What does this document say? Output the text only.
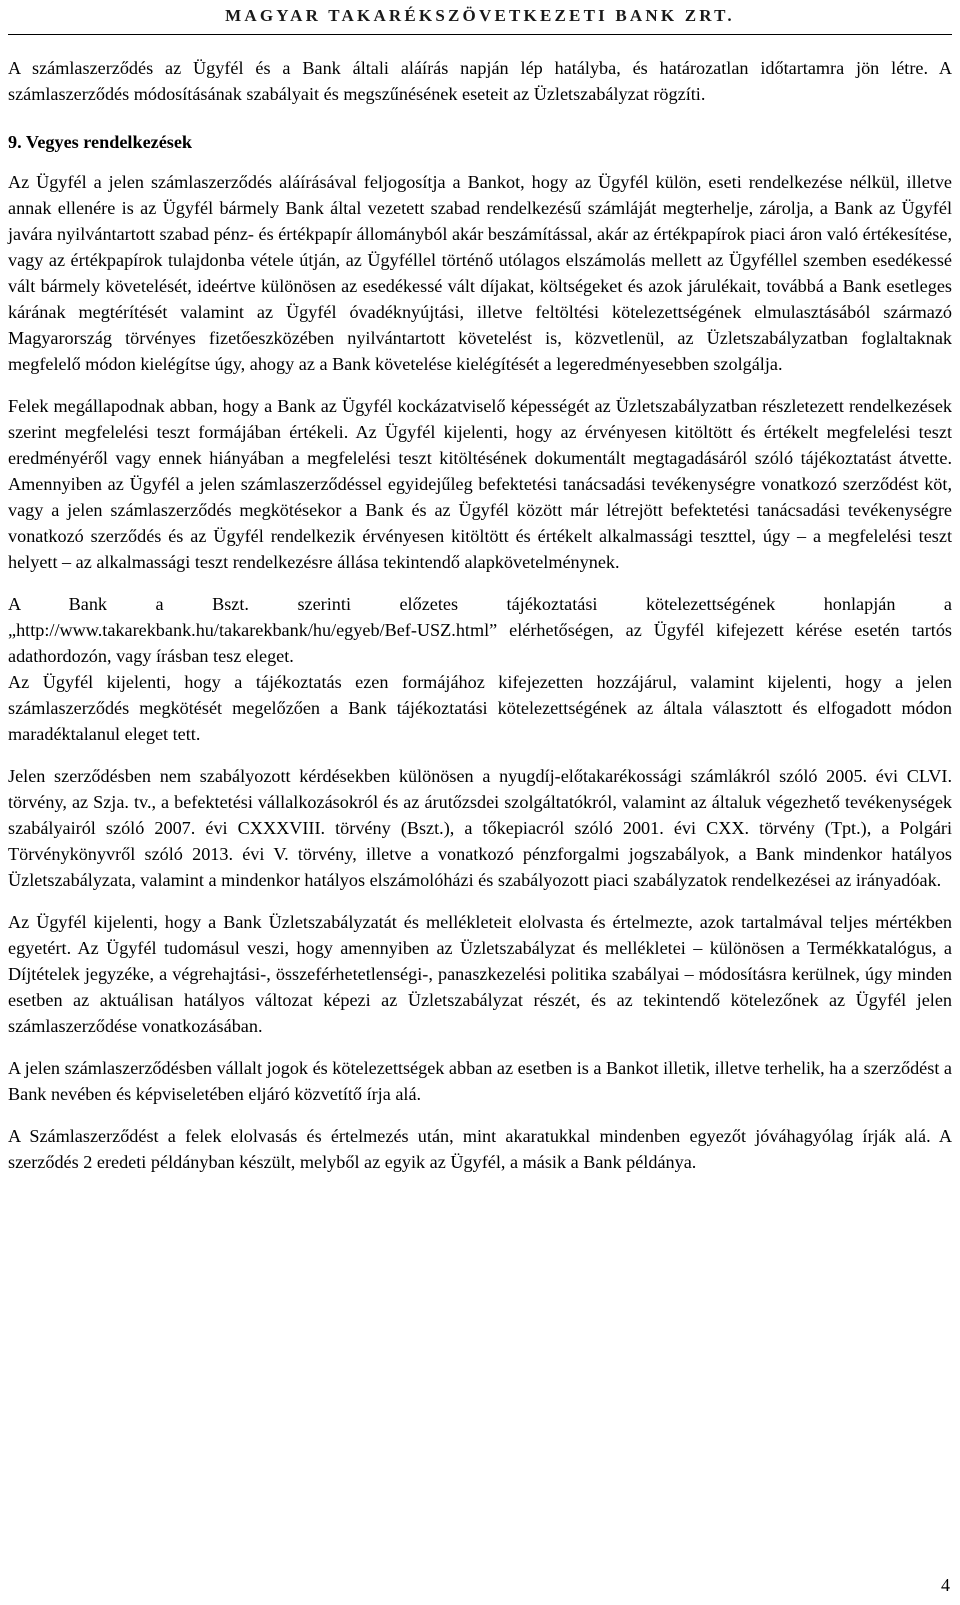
MAGYAR TAKARÉKSZÖVETKEZETI BANK ZRT.

A számlaszerződés az Ügyfél és a Bank általi aláírás napján lép hatályba, és határozatlan időtartamra jön létre. A számlaszerződés módosításának szabályait és megszűnésének eseteit az Üzletszabályzat rögzíti.

9. Vegyes rendelkezések

Az Ügyfél a jelen számlaszerződés aláírásával feljogosítja a Bankot, hogy az Ügyfél külön, eseti rendelkezése nélkül, illetve annak ellenére is az Ügyfél bármely Bank által vezetett szabad rendelkezésű számláját megterhelje, zárolja, a Bank az Ügyfél javára nyilvántartott szabad pénz- és értékpapír állományból akár beszámítással, akár az értékpapírok piaci áron való értékesítése, vagy az értékpapírok tulajdonba vétele útján, az Ügyféllel történő utólagos elszámolás mellett az Ügyféllel szemben esedékessé vált bármely követelését, ideértve különösen az esedékessé vált díjakat, költségeket és azok járulékait, továbbá a Bank esetleges kárának megtérítését valamint az Ügyfél óvadéknyújtási, illetve feltöltési kötelezettségének elmulasztásából származó Magyarország törvényes fizetőeszközében nyilvántartott követelést is, közvetlenül, az Üzletszabályzatban foglaltaknak megfelelő módon kielégítse úgy, ahogy az a Bank követelése kielégítését a legeredményesebben szolgálja.

Felek megállapodnak abban, hogy a Bank az Ügyfél kockázatviselő képességét az Üzletszabályzatban részletezett rendelkezések szerint megfelelési teszt formájában értékeli. Az Ügyfél kijelenti, hogy az érvényesen kitöltött és értékelt megfelelési teszt eredményéről vagy ennek hiányában a megfelelési teszt kitöltésének dokumentált megtagadásáról szóló tájékoztatást átvette. Amennyiben az Ügyfél a jelen számlaszerződéssel egyidejűleg befektetési tanácsadási tevékenységre vonatkozó szerződést köt, vagy a jelen számlaszerződés megkötésekor a Bank és az Ügyfél között már létrejött befektetési tanácsadási tevékenységre vonatkozó szerződés és az Ügyfél rendelkezik érvényesen kitöltött és értékelt alkalmassági teszttel, úgy – a megfelelési teszt helyett – az alkalmassági teszt rendelkezésre állása tekintendő alapkövetelménynek.

A Bank a Bszt. szerinti előzetes tájékoztatási kötelezettségének honlapján a „http://www.takarekbank.hu/takarekbank/hu/egyeb/Bef-USZ.html” elérhetőségen, az Ügyfél kifejezett kérése esetén tartós adathordozón, vagy írásban tesz eleget.

Az Ügyfél kijelenti, hogy a tájékoztatás ezen formájához kifejezetten hozzájárul, valamint kijelenti, hogy a jelen számlaszerződés megkötését megelőzően a Bank tájékoztatási kötelezettségének az általa választott és elfogadott módon maradéktalanul eleget tett.

Jelen szerződésben nem szabályozott kérdésekben különösen a nyugdíj-előtakarékossági számlákról szóló 2005. évi CLVI. törvény, az Szja. tv., a befektetési vállalkozásokról és az árutőzsdei szolgáltatókról, valamint az általuk végezhető tevékenységek szabályairól szóló 2007. évi CXXXVIII. törvény (Bszt.), a tőkepiacról szóló 2001. évi CXX. törvény (Tpt.), a Polgári Törvénykönyvről szóló 2013. évi V. törvény, illetve a vonatkozó pénzforgalmi jogszabályok, a Bank mindenkor hatályos Üzletszabályzata, valamint a mindenkor hatályos elszámolóházi és szabályozott piaci szabályzatok rendelkezései az irányadóak.

Az Ügyfél kijelenti, hogy a Bank Üzletszabályzatát és mellékleteit elolvasta és értelmezte, azok tartalmával teljes mértékben egyetért. Az Ügyfél tudomásul veszi, hogy amennyiben az Üzletszabályzat és mellékletei – különösen a Termékkatalógus, a Díjtételek jegyzéke, a végrehajtási-, összeférhetetlenségi-, panaszkezelési politika szabályai – módosításra kerülnek, úgy minden esetben az aktuálisan hatályos változat képezi az Üzletszabályzat részét, és az tekintendő kötelezőnek az Ügyfél jelen számlaszerződése vonatkozásában.

A jelen számlaszerződésben vállalt jogok és kötelezettségek abban az esetben is a Bankot illetik, illetve terhelik, ha a szerződést a Bank nevében és képviseletében eljáró közvetítő írja alá.

A Számlaszerződést a felek elolvasás és értelmezés után, mint akaratukkal mindenben egyezőt jóváhagyólag írják alá. A szerződés 2 eredeti példányban készült, melyből az egyik az Ügyfél, a másik a Bank példánya.

4
